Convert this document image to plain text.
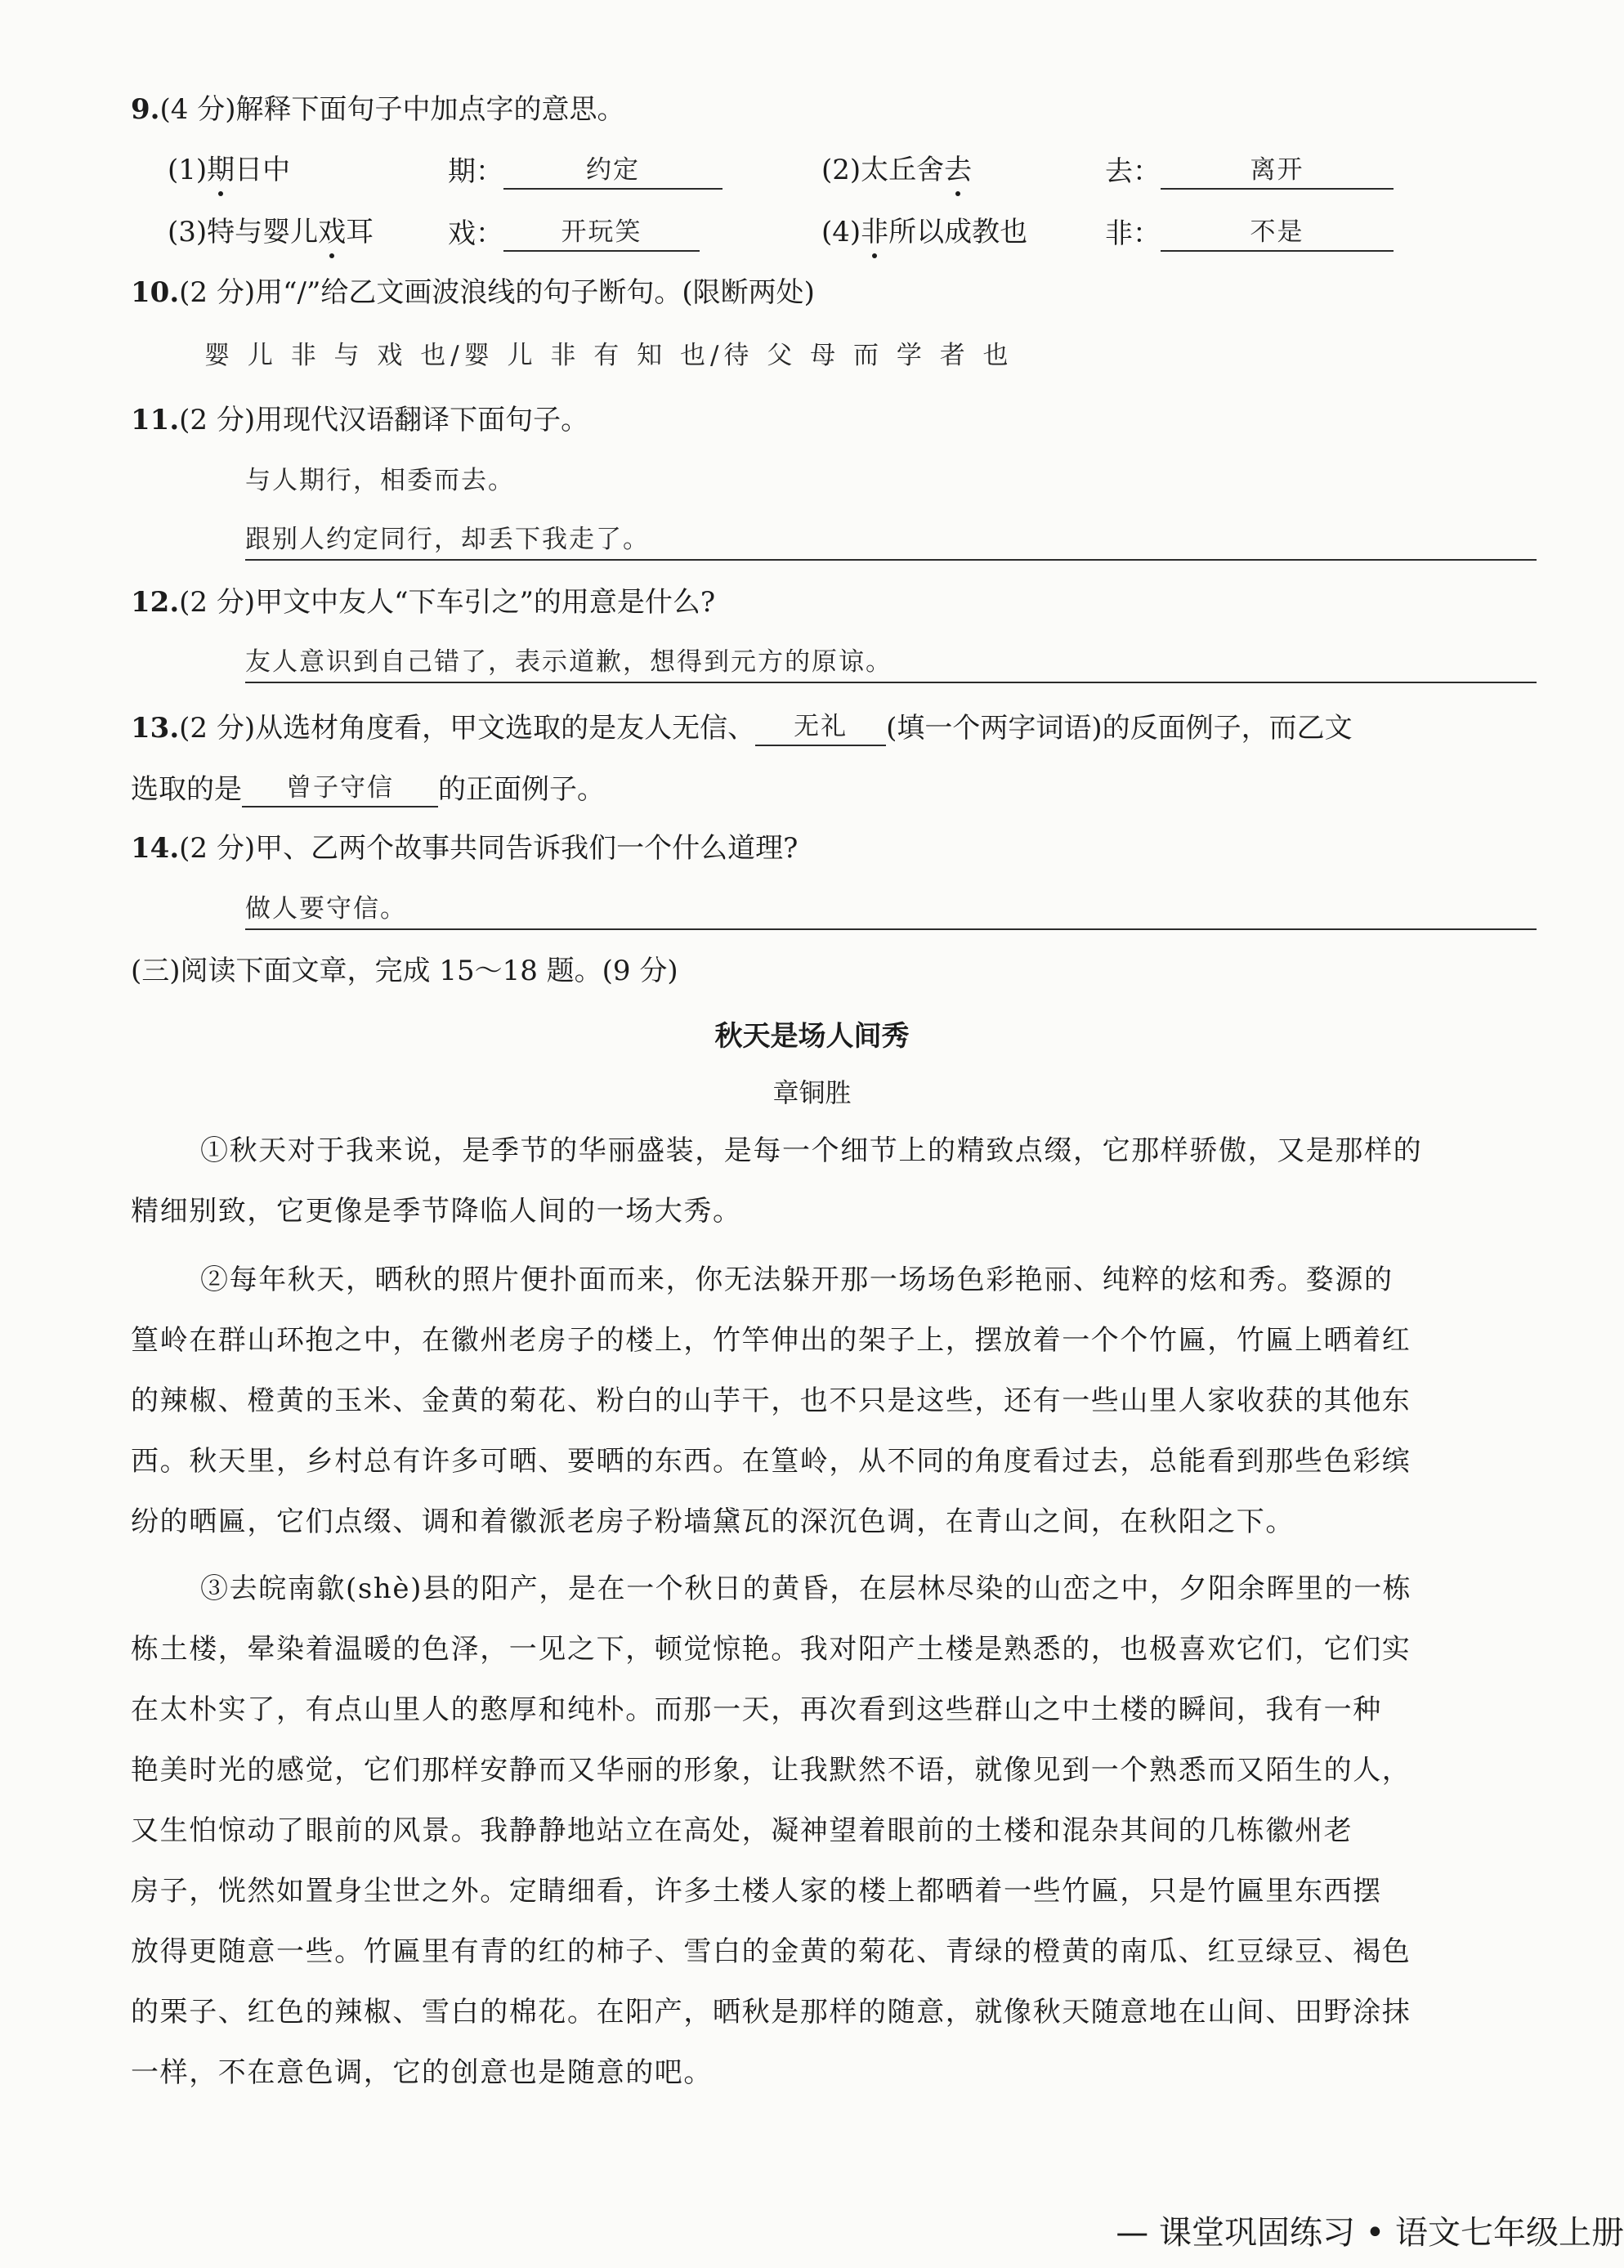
9.(4 分)解释下面句子中加点字的意思。
(1)期日中	期：	约定	(2)太丘舍去	去：	离开
(3)特与婴儿戏耳	戏： 开玩笑	(4)非所以成教也	非：	不是
10.(2 分)用“/”给乙文画波浪线的句子断句。(限断两处)
婴 儿 非 与 戏 也/婴 儿 非 有 知 也/待 父 母 而 学 者 也
11.(2 分)用现代汉语翻译下面句子。
与人期行，相委而去。
跟别人约定同行，却丢下我走了。
12.(2 分)甲文中友人“下车引之”的用意是什么?
友人意识到自己错了，表示道歉，想得到元方的原谅。
13.(2 分)从选材角度看，甲文选取的是友人无信、 无礼 (填一个两字词语)的反面例子，而乙文
选取的是 曾子守信 的正面例子。
14.(2 分)甲、乙两个故事共同告诉我们一个什么道理?
做人要守信。
(三)阅读下面文章，完成 15～18 题。(9 分)
秋天是场人间秀
章铜胜
①秋天对于我来说，是季节的华丽盛装，是每一个细节上的精致点缀，它那样骄傲，又是那样的
精细别致，它更像是季节降临人间的一场大秀。
②每年秋天，晒秋的照片便扑面而来，你无法躲开那一场场色彩艳丽、纯粹的炫和秀。婺源的
篁岭在群山环抱之中，在徽州老房子的楼上，竹竿伸出的架子上，摆放着一个个竹匾，竹匾上晒着红
的辣椒、橙黄的玉米、金黄的菊花、粉白的山芋干，也不只是这些，还有一些山里人家收获的其他东
西。秋天里，乡村总有许多可晒、要晒的东西。在篁岭，从不同的角度看过去，总能看到那些色彩缤
纷的晒匾，它们点缀、调和着徽派老房子粉墙黛瓦的深沉色调，在青山之间，在秋阳之下。
③去皖南歙(shè)县的阳产，是在一个秋日的黄昏，在层林尽染的山峦之中，夕阳余晖里的一栋
栋土楼，晕染着温暖的色泽，一见之下，顿觉惊艳。我对阳产土楼是熟悉的，也极喜欢它们，它们实
在太朴实了，有点山里人的憨厚和纯朴。而那一天，再次看到这些群山之中土楼的瞬间，我有一种
艳美时光的感觉，它们那样安静而又华丽的形象，让我默然不语，就像见到一个熟悉而又陌生的人，
又生怕惊动了眼前的风景。我静静地站立在高处，凝神望着眼前的土楼和混杂其间的几栋徽州老
房子，恍然如置身尘世之外。定睛细看，许多土楼人家的楼上都晒着一些竹匾，只是竹匾里东西摆
放得更随意一些。竹匾里有青的红的柿子、雪白的金黄的菊花、青绿的橙黄的南瓜、红豆绿豆、褐色
的栗子、红色的辣椒、雪白的棉花。在阳产，晒秋是那样的随意，就像秋天随意地在山间、田野涂抹
一样，不在意色调，它的创意也是随意的吧。
— 课堂巩固练习 • 语文七年级上册
